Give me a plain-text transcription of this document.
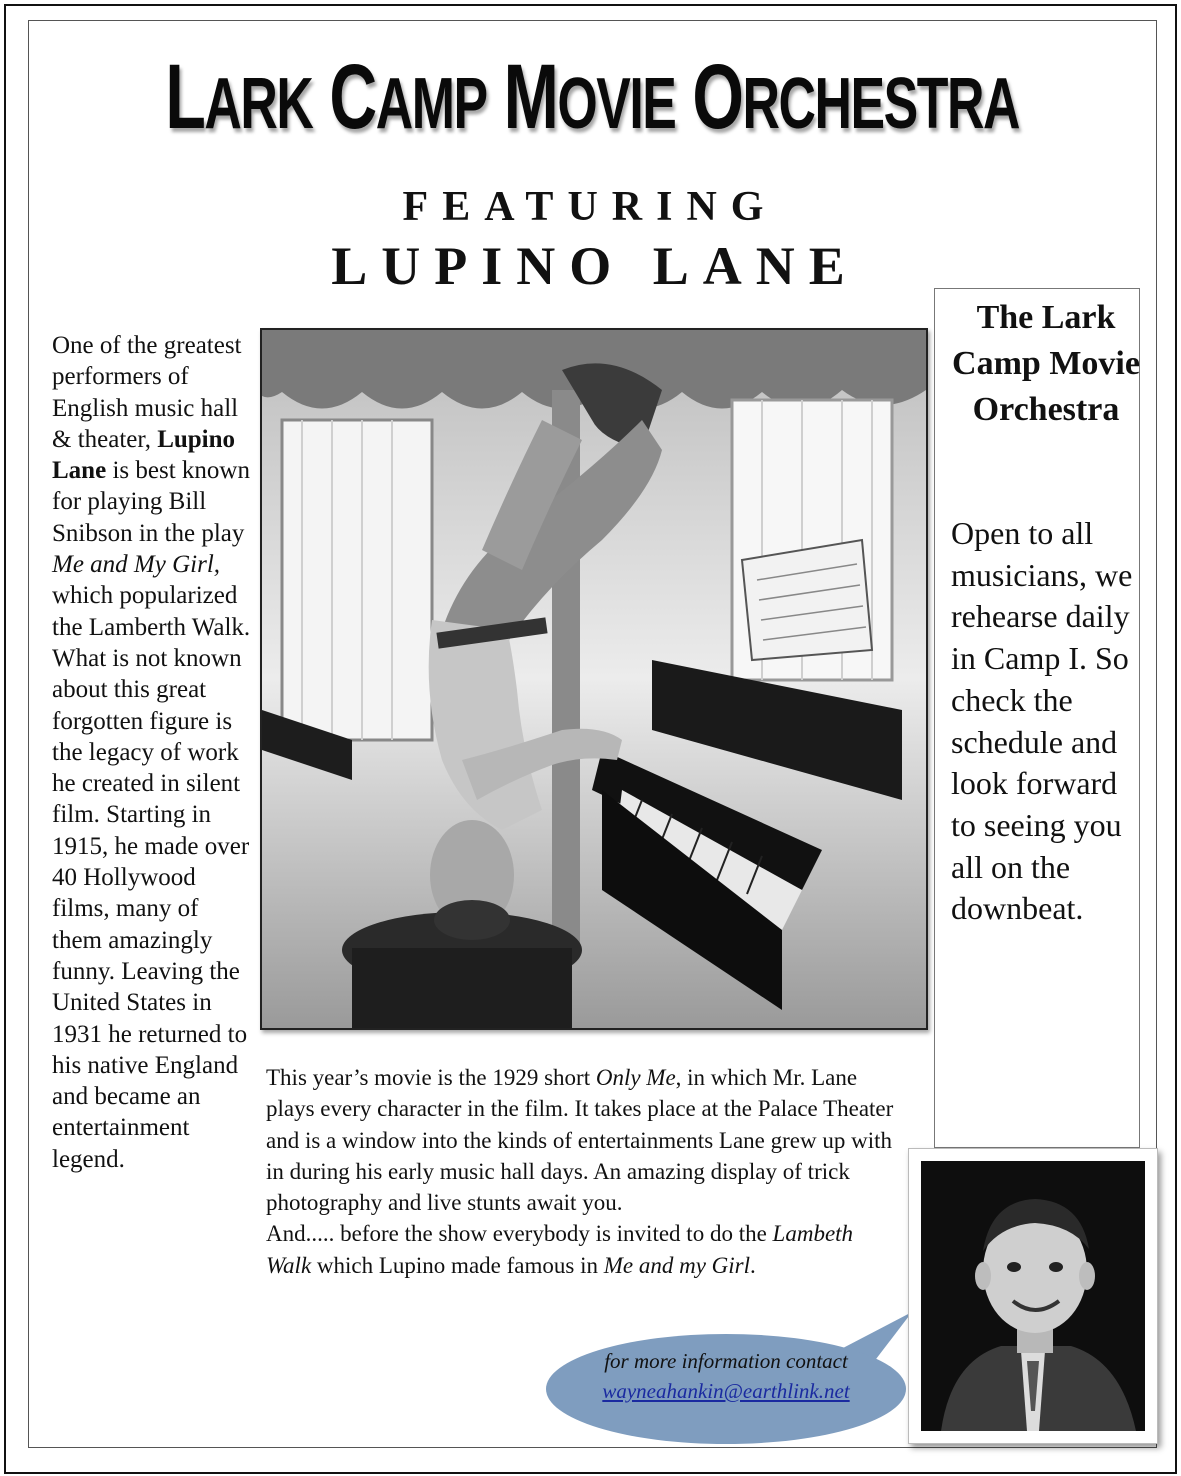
LARK CAMP MOVIE ORCHESTRA
FEATURING
LUPINO LANE
One of the greatest performers of English music hall & theater, Lupino Lane is best known for playing Bill Snibson in the play Me and My Girl, which popularized the Lamberth Walk. What is not known about this great forgotten figure is the legacy of work he created in silent film. Starting in 1915, he made over 40 Hollywood films, many of them amazingly funny. Leaving the United States in 1931 he returned to his native England and became an entertainment legend.
This year’s movie is the 1929 short Only Me, in which Mr. Lane plays every character in the film. It takes place at the Palace Theater and is a window into the kinds of entertainments Lane grew up with in during his early music hall days. An amazing display of trick photography and live stunts await you.
And..... before the show everybody is invited to do the Lambeth Walk which Lupino made famous in Me and my Girl.
The Lark Camp Movie Orchestra
Open to all musicians, we rehearse daily in Camp I. So check the schedule and look forward to seeing you all on the downbeat.
for more information contact
wayneahankin@earthlink.net
